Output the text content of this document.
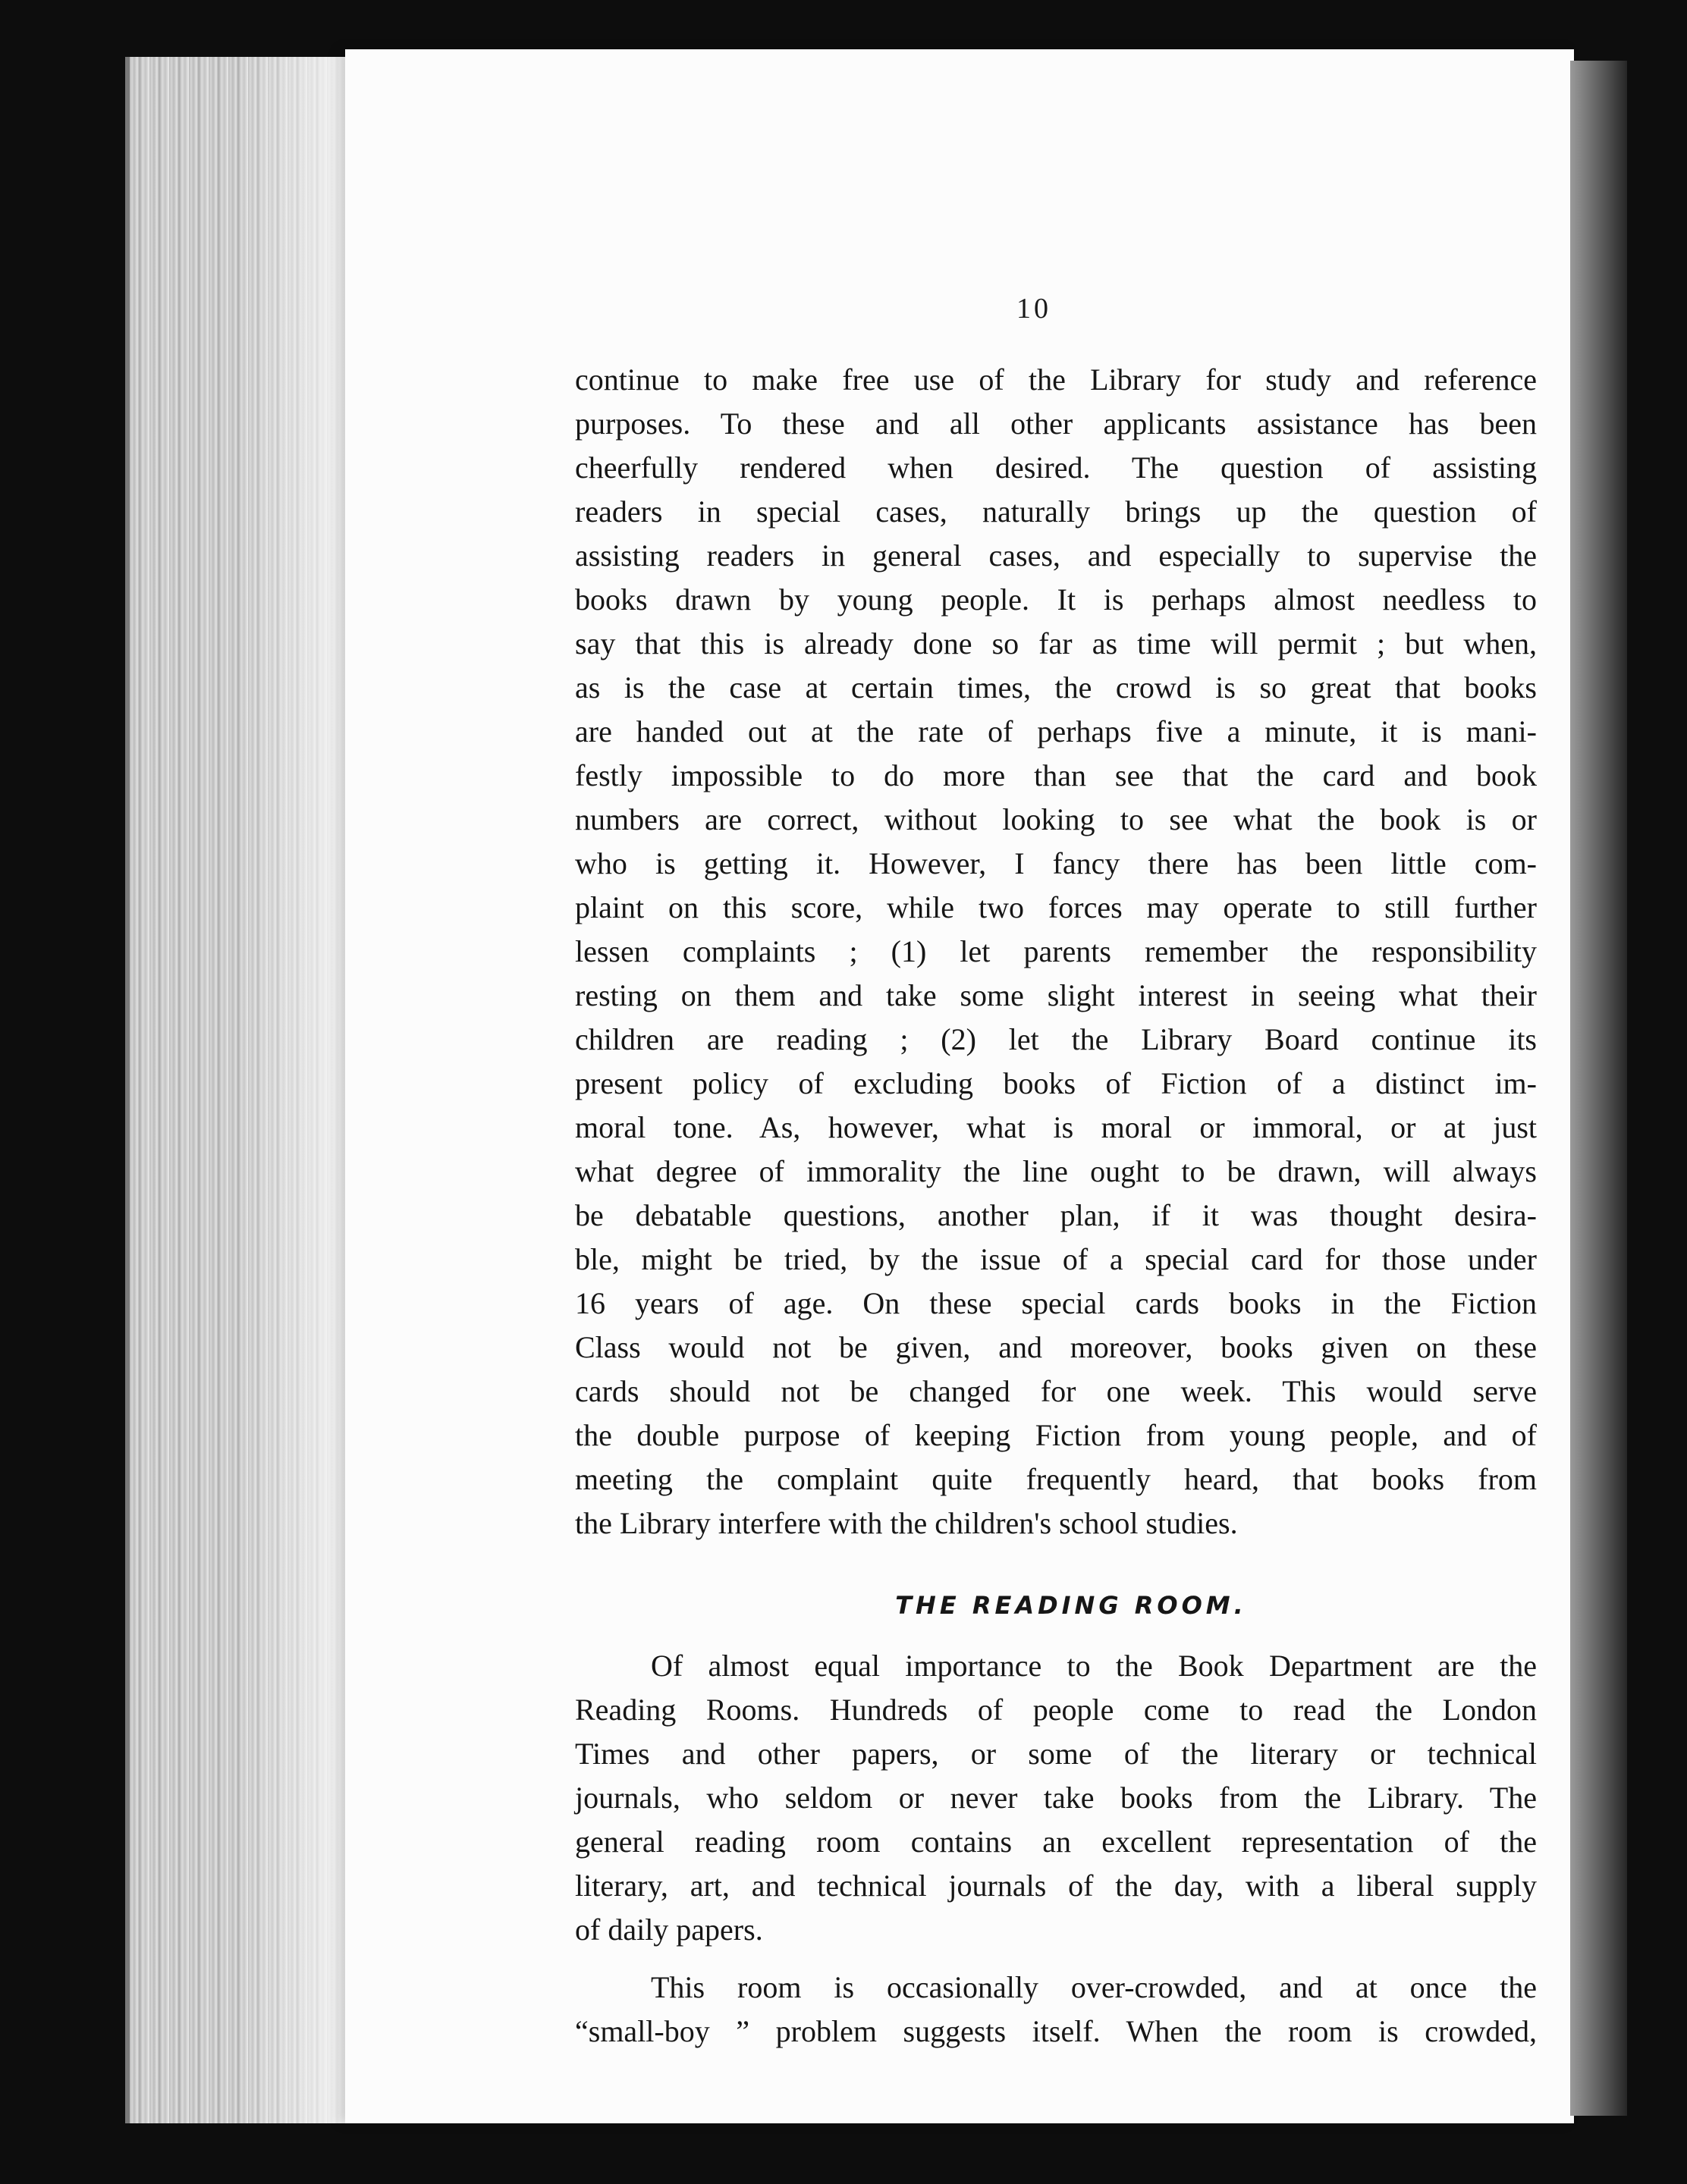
10
continue to make free use of the Library for study and reference
purposes. To these and all other applicants assistance has been
cheerfully rendered when desired. The question of assisting
readers in special cases, naturally brings up the question of
assisting readers in general cases, and especially to supervise the
books drawn by young people. It is perhaps almost needless to
say that this is already done so far as time will permit ; but when,
as is the case at certain times, the crowd is so great that books
are handed out at the rate of perhaps five a minute, it is mani-
festly impossible to do more than see that the card and book
numbers are correct, without looking to see what the book is or
who is getting it. However, I fancy there has been little com-
plaint on this score, while two forces may operate to still further
lessen complaints ; (1) let parents remember the responsibility
resting on them and take some slight interest in seeing what their
children are reading ; (2) let the Library Board continue its
present policy of excluding books of Fiction of a distinct im-
moral tone. As, however, what is moral or immoral, or at just
what degree of immorality the line ought to be drawn, will always
be debatable questions, another plan, if it was thought desira-
ble, might be tried, by the issue of a special card for those under
16 years of age. On these special cards books in the Fiction
Class would not be given, and moreover, books given on these
cards should not be changed for one week. This would serve
the double purpose of keeping Fiction from young people, and of
meeting the complaint quite frequently heard, that books from
the Library interfere with the children's school studies.
THE READING ROOM.
Of almost equal importance to the Book Department are the
Reading Rooms. Hundreds of people come to read the London
Times and other papers, or some of the literary or technical
journals, who seldom or never take books from the Library. The
general reading room contains an excellent representation of the
literary, art, and technical journals of the day, with a liberal supply
of daily papers.
This room is occasionally over-crowded, and at once the
“small-boy ” problem suggests itself. When the room is crowded,
